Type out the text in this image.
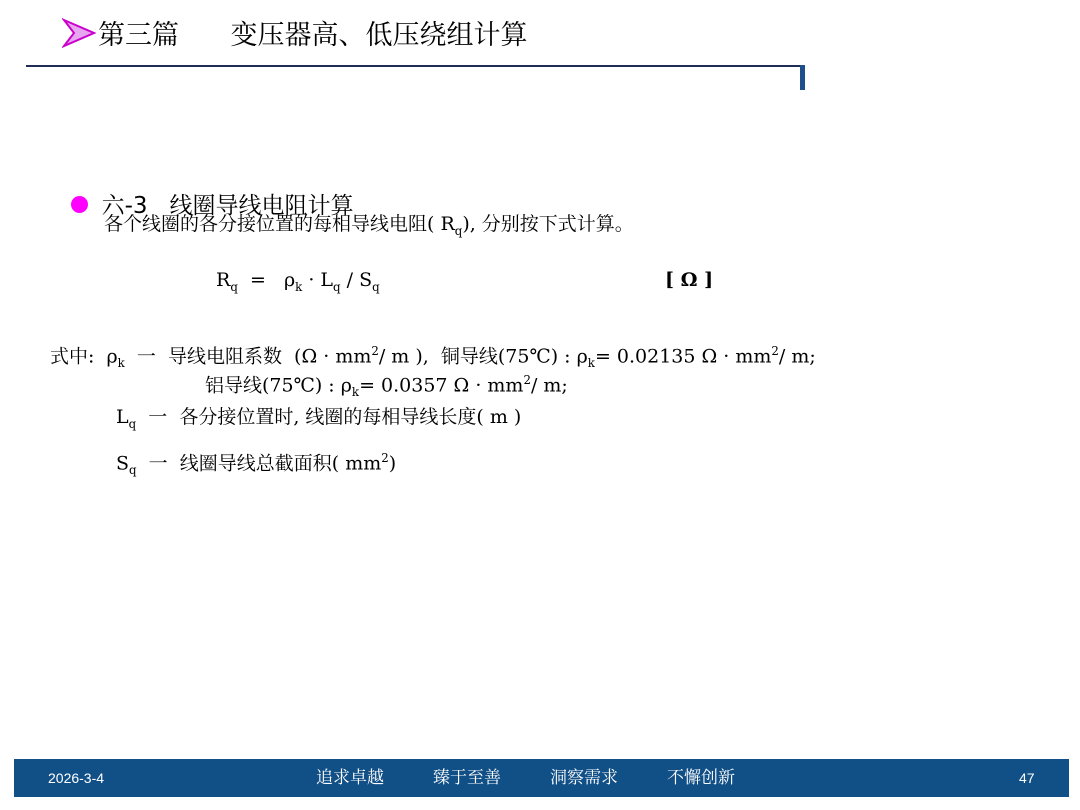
第三篇      变压器高、低压绕组计算

六-3   线圈导线电阻计算

各个线圈的各分接位置的每相导线电阻( $R_q$), 分别按下式计算。
$R_q = \rho_k \cdot L_q / S_q$	[ Ω ]
式中:  $\rho_k$  一  导线电阻系数  ($\Omega \cdot mm^2/$ m ),  铜导线(75℃) : $\rho_k= 0.02135$ $\Omega \cdot mm^2/$ m;
铝导线(75℃) : $\rho_k= 0.0357$ $\Omega \cdot mm^2/$ m;
$L_q$  一  各分接位置时, 线圈的每相导线长度( m )
$S_q$  一  线圈导线总截面积( $mm^2$)
2026-3-4	追求卓越	臻于至善	洞察需求	不懈创新	47
